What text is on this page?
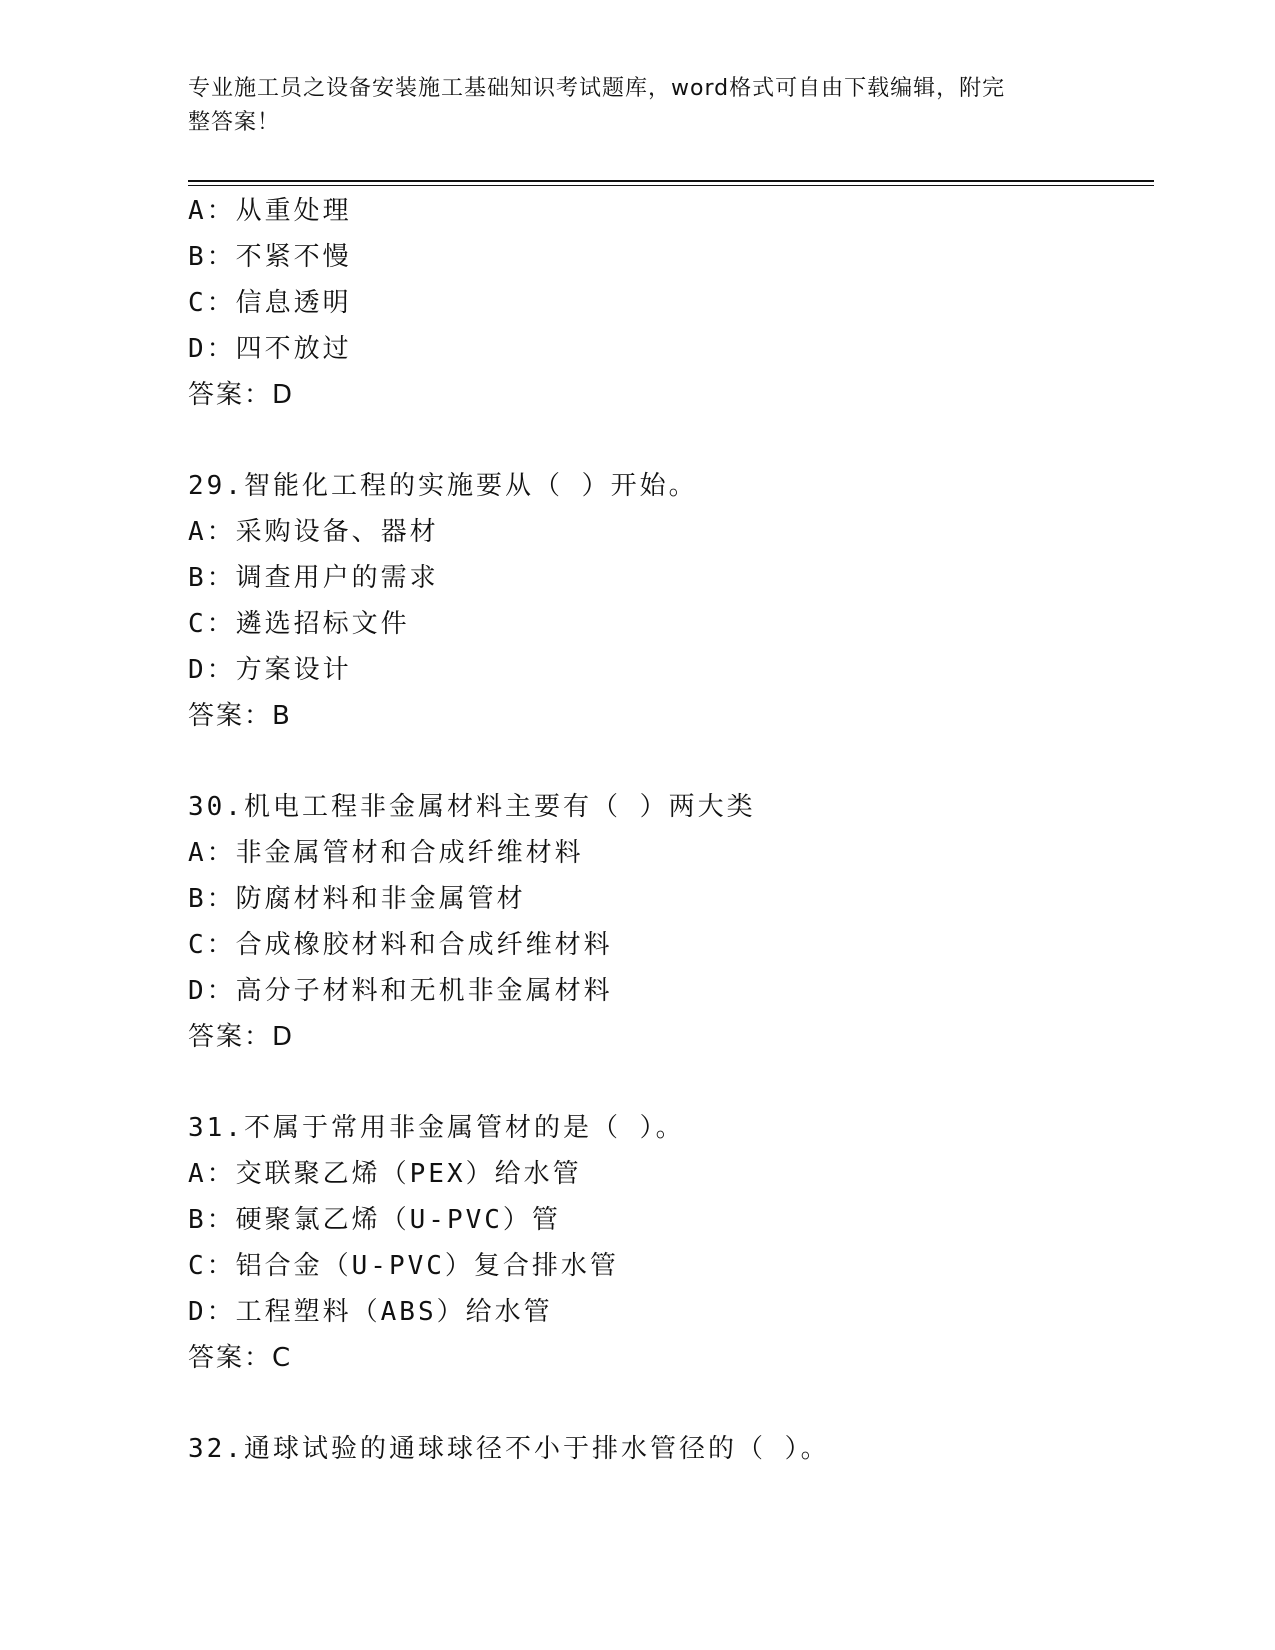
专业施工员之设备安装施工基础知识考试题库，word格式可自由下载编辑，附完
整答案！
A：从重处理
B：不紧不慢
C：信息透明
D：四不放过
答案：D
29.智能化工程的实施要从（ ）开始。
A：采购设备、器材
B：调查用户的需求
C：遴选招标文件
D：方案设计
答案：B
30.机电工程非金属材料主要有（ ）两大类
A：非金属管材和合成纤维材料
B：防腐材料和非金属管材
C：合成橡胶材料和合成纤维材料
D：高分子材料和无机非金属材料
答案：D
31.不属于常用非金属管材的是（ ）。
A：交联聚乙烯（PEX）给水管
B：硬聚氯乙烯（U-PVC）管
C：铝合金（U-PVC）复合排水管
D：工程塑料（ABS）给水管
答案：C
32.通球试验的通球球径不小于排水管径的（ ）。
